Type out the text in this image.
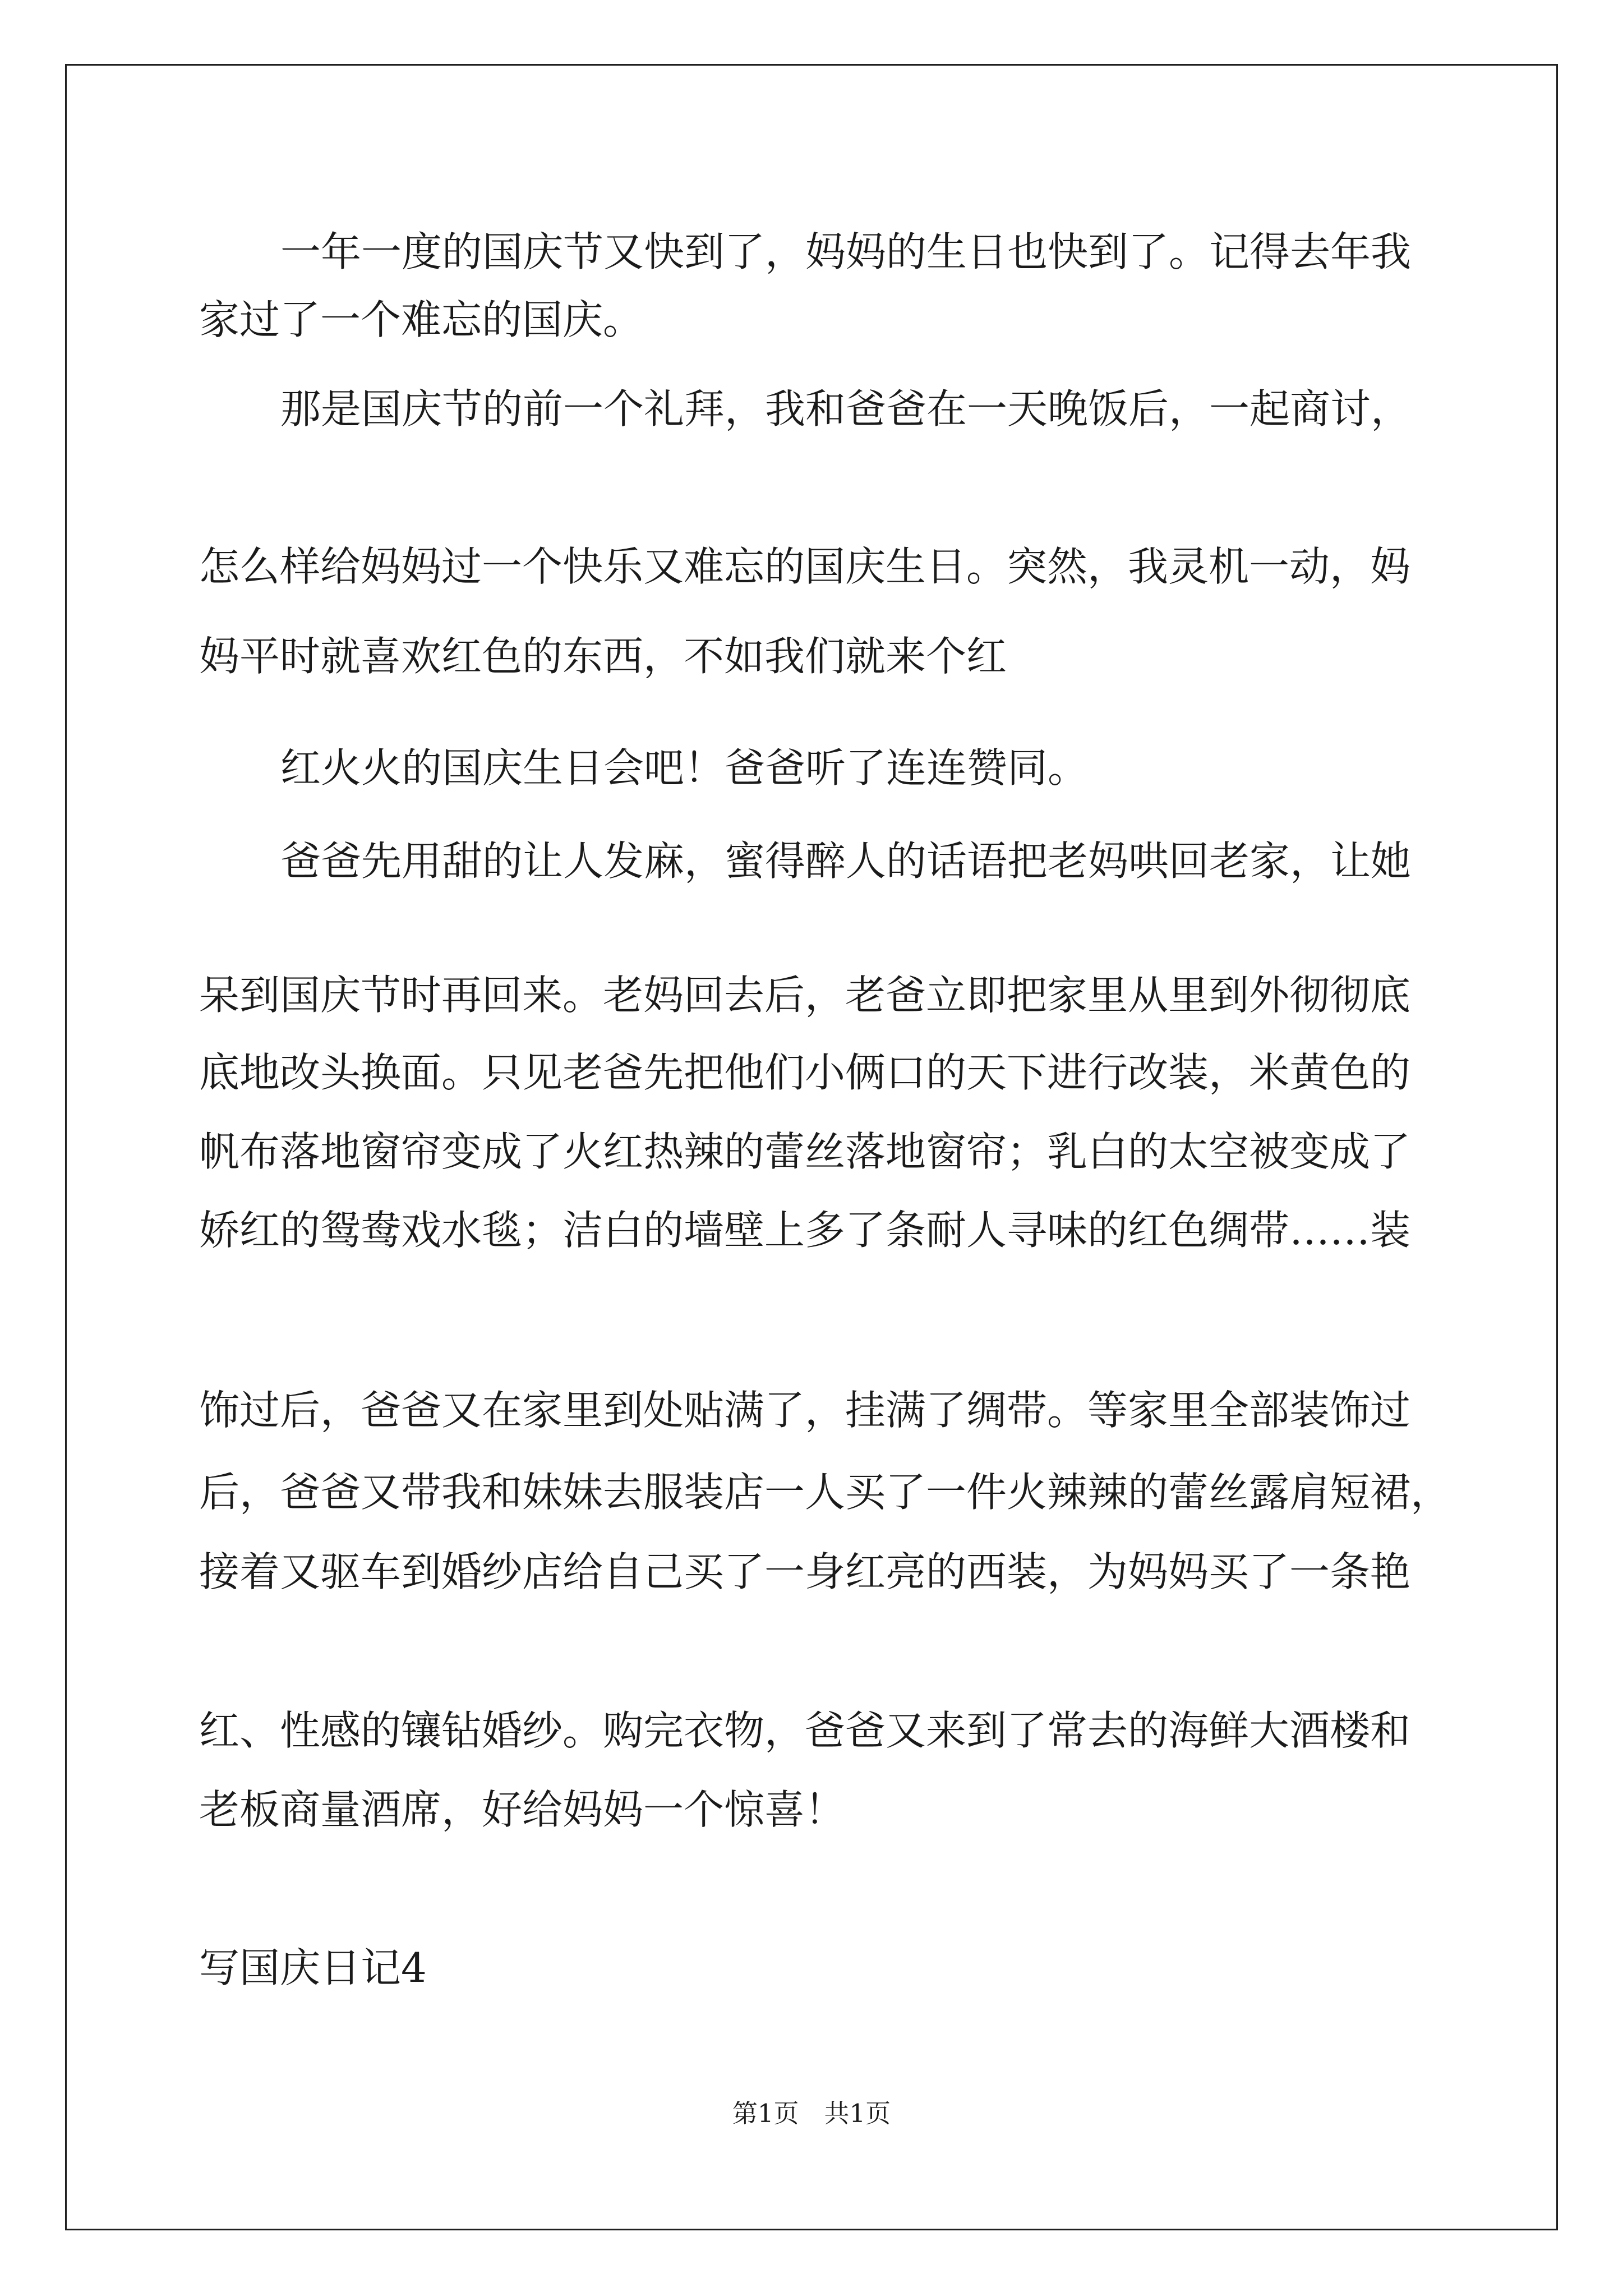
一年一度的国庆节又快到了，妈妈的生日也快到了。记得去年我

家过了一个难忘的国庆。

那是国庆节的前一个礼拜，我和爸爸在一天晚饭后，一起商讨，

怎么样给妈妈过一个快乐又难忘的国庆生日。突然，我灵机一动，妈

妈平时就喜欢红色的东西，不如我们就来个红

红火火的国庆生日会吧！爸爸听了连连赞同。

爸爸先用甜的让人发麻，蜜得醉人的话语把老妈哄回老家，让她

呆到国庆节时再回来。老妈回去后，老爸立即把家里从里到外彻彻底

底地改头换面。只见老爸先把他们小俩口的天下进行改装，米黄色的

帆布落地窗帘变成了火红热辣的蕾丝落地窗帘；乳白的太空被变成了

娇红的鸳鸯戏水毯；洁白的墙壁上多了条耐人寻味的红色绸带……装

饰过后，爸爸又在家里到处贴满了，挂满了绸带。等家里全部装饰过

后，爸爸又带我和妹妹去服装店一人买了一件火辣辣的蕾丝露肩短裙，

接着又驱车到婚纱店给自己买了一身红亮的西装，为妈妈买了一条艳

红、性感的镶钻婚纱。购完衣物，爸爸又来到了常去的海鲜大酒楼和

老板商量酒席，好给妈妈一个惊喜！

写国庆日记4

第1页　共1页
